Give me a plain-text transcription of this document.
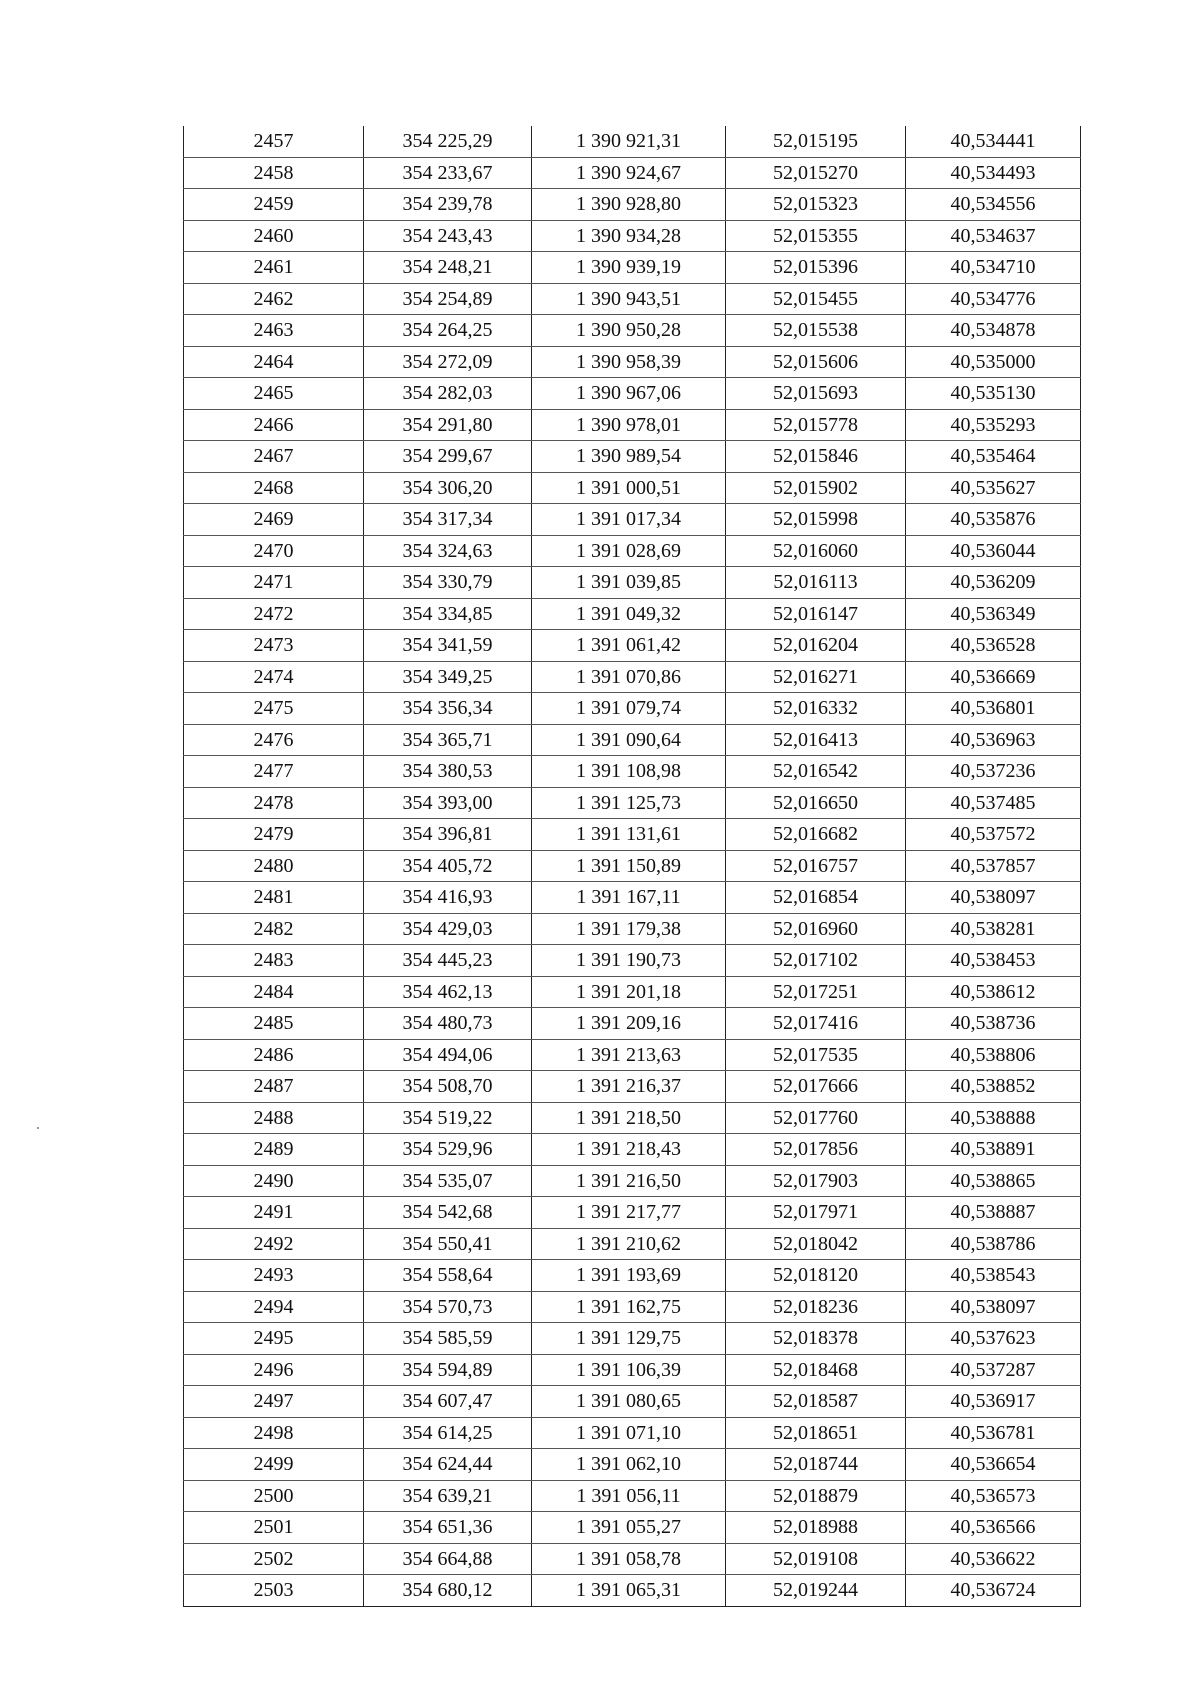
2457	354 225,29	1 390 921,31	52,015195	40,534441
2458	354 233,67	1 390 924,67	52,015270	40,534493
2459	354 239,78	1 390 928,80	52,015323	40,534556
2460	354 243,43	1 390 934,28	52,015355	40,534637
2461	354 248,21	1 390 939,19	52,015396	40,534710
2462	354 254,89	1 390 943,51	52,015455	40,534776
2463	354 264,25	1 390 950,28	52,015538	40,534878
2464	354 272,09	1 390 958,39	52,015606	40,535000
2465	354 282,03	1 390 967,06	52,015693	40,535130
2466	354 291,80	1 390 978,01	52,015778	40,535293
2467	354 299,67	1 390 989,54	52,015846	40,535464
2468	354 306,20	1 391 000,51	52,015902	40,535627
2469	354 317,34	1 391 017,34	52,015998	40,535876
2470	354 324,63	1 391 028,69	52,016060	40,536044
2471	354 330,79	1 391 039,85	52,016113	40,536209
2472	354 334,85	1 391 049,32	52,016147	40,536349
2473	354 341,59	1 391 061,42	52,016204	40,536528
2474	354 349,25	1 391 070,86	52,016271	40,536669
2475	354 356,34	1 391 079,74	52,016332	40,536801
2476	354 365,71	1 391 090,64	52,016413	40,536963
2477	354 380,53	1 391 108,98	52,016542	40,537236
2478	354 393,00	1 391 125,73	52,016650	40,537485
2479	354 396,81	1 391 131,61	52,016682	40,537572
2480	354 405,72	1 391 150,89	52,016757	40,537857
2481	354 416,93	1 391 167,11	52,016854	40,538097
2482	354 429,03	1 391 179,38	52,016960	40,538281
2483	354 445,23	1 391 190,73	52,017102	40,538453
2484	354 462,13	1 391 201,18	52,017251	40,538612
2485	354 480,73	1 391 209,16	52,017416	40,538736
2486	354 494,06	1 391 213,63	52,017535	40,538806
2487	354 508,70	1 391 216,37	52,017666	40,538852
2488	354 519,22	1 391 218,50	52,017760	40,538888
2489	354 529,96	1 391 218,43	52,017856	40,538891
2490	354 535,07	1 391 216,50	52,017903	40,538865
2491	354 542,68	1 391 217,77	52,017971	40,538887
2492	354 550,41	1 391 210,62	52,018042	40,538786
2493	354 558,64	1 391 193,69	52,018120	40,538543
2494	354 570,73	1 391 162,75	52,018236	40,538097
2495	354 585,59	1 391 129,75	52,018378	40,537623
2496	354 594,89	1 391 106,39	52,018468	40,537287
2497	354 607,47	1 391 080,65	52,018587	40,536917
2498	354 614,25	1 391 071,10	52,018651	40,536781
2499	354 624,44	1 391 062,10	52,018744	40,536654
2500	354 639,21	1 391 056,11	52,018879	40,536573
2501	354 651,36	1 391 055,27	52,018988	40,536566
2502	354 664,88	1 391 058,78	52,019108	40,536622
2503	354 680,12	1 391 065,31	52,019244	40,536724
